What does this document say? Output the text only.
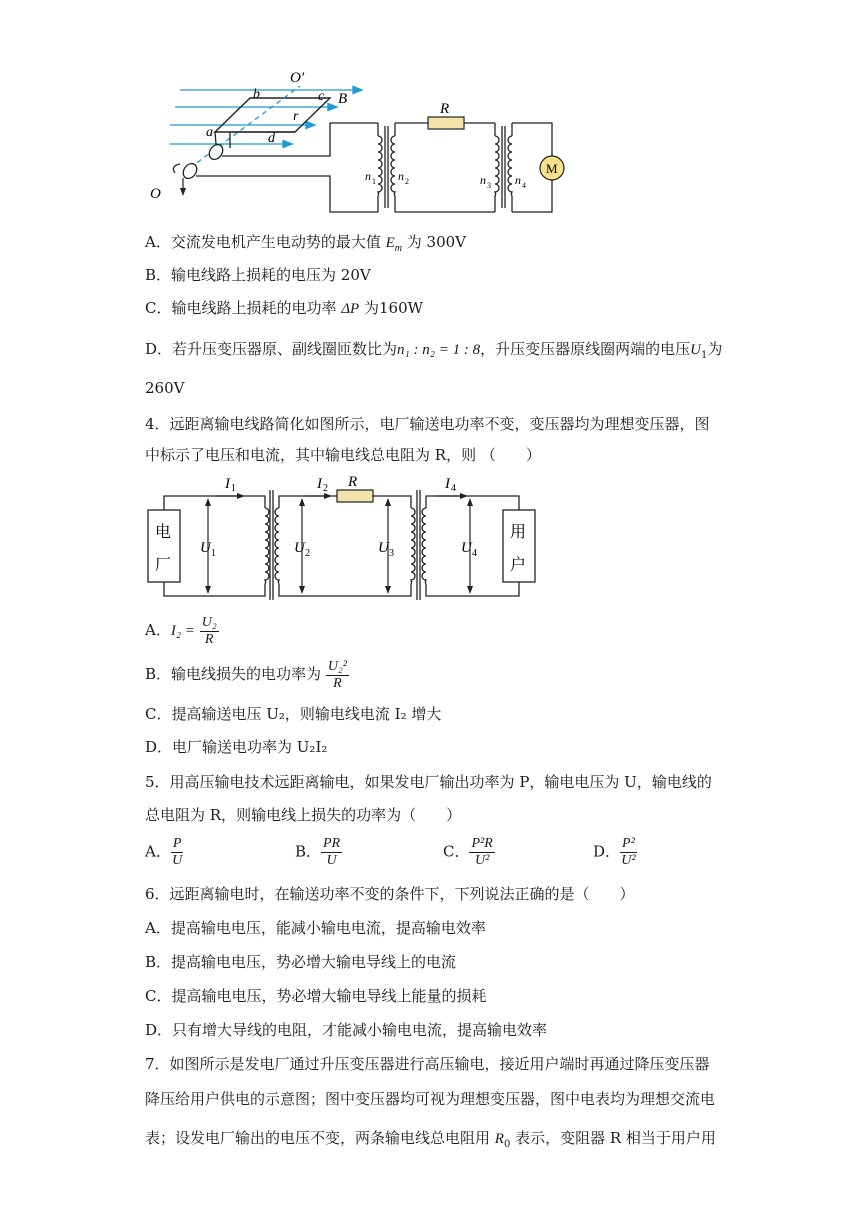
O′
O
a
b	c
d
r
B
R
n 1 n 2	n 3 n 4
M
A．交流发电机产生电动势的最大值 $E_m$ 为 300V
B．输电线路上损耗的电压为 20V
C．输电线路上损耗的电功率 ΔP 为160W
D．若升压变压器原、副线圈匝数比为n₁ : n₂ = 1 : 8，升压变压器原线圈两端的电压$U_1$为
260V
4．远距离输电线路简化如图所示，电厂输送电功率不变，变压器均为理想变压器，图
中标示了电压和电流，其中输电线总电阻为 R，则 （　　）
电
厂
U 1
I 1	R
I 2
U 2	U 3
I 4
U 4
用
户
A．$I_2 = \frac{\text{U₂}}{R}$
B．输电线损失的电功率为 $\frac{\text{U₂²}}{R}$
C．提高输送电压 U₂，则输电线电流 I₂ 增大
D．电厂输送电功率为 U₂I₂
5．用高压输电技术远距离输电，如果发电厂输出功率为 P，输电电压为 U，输电线的
总电阻为 R，则输电线上损失的功率为（　　）
A． $\frac{P}{U}$	B． $\frac{PR}{U}$	C． $\frac{\text{P²R}}{\text{U²}}$	D． $\frac{\text{P²}}{\text{U²}}$
6．远距离输电时，在输送功率不变的条件下，下列说法正确的是（　　）
A．提高输电电压，能减小输电电流，提高输电效率
B．提高输电电压，势必增大输电导线上的电流
C．提高输电电压，势必增大输电导线上能量的损耗
D．只有增大导线的电阻，才能减小输电电流，提高输电效率
7．如图所示是发电厂通过升压变压器进行高压输电，接近用户端时再通过降压变压器
降压给用户供电的示意图；图中变压器均可视为理想变压器，图中电表均为理想交流电
表；设发电厂输出的电压不变，两条输电线总电阻用 $R_0$ 表示，变阻器 R 相当于用户用
